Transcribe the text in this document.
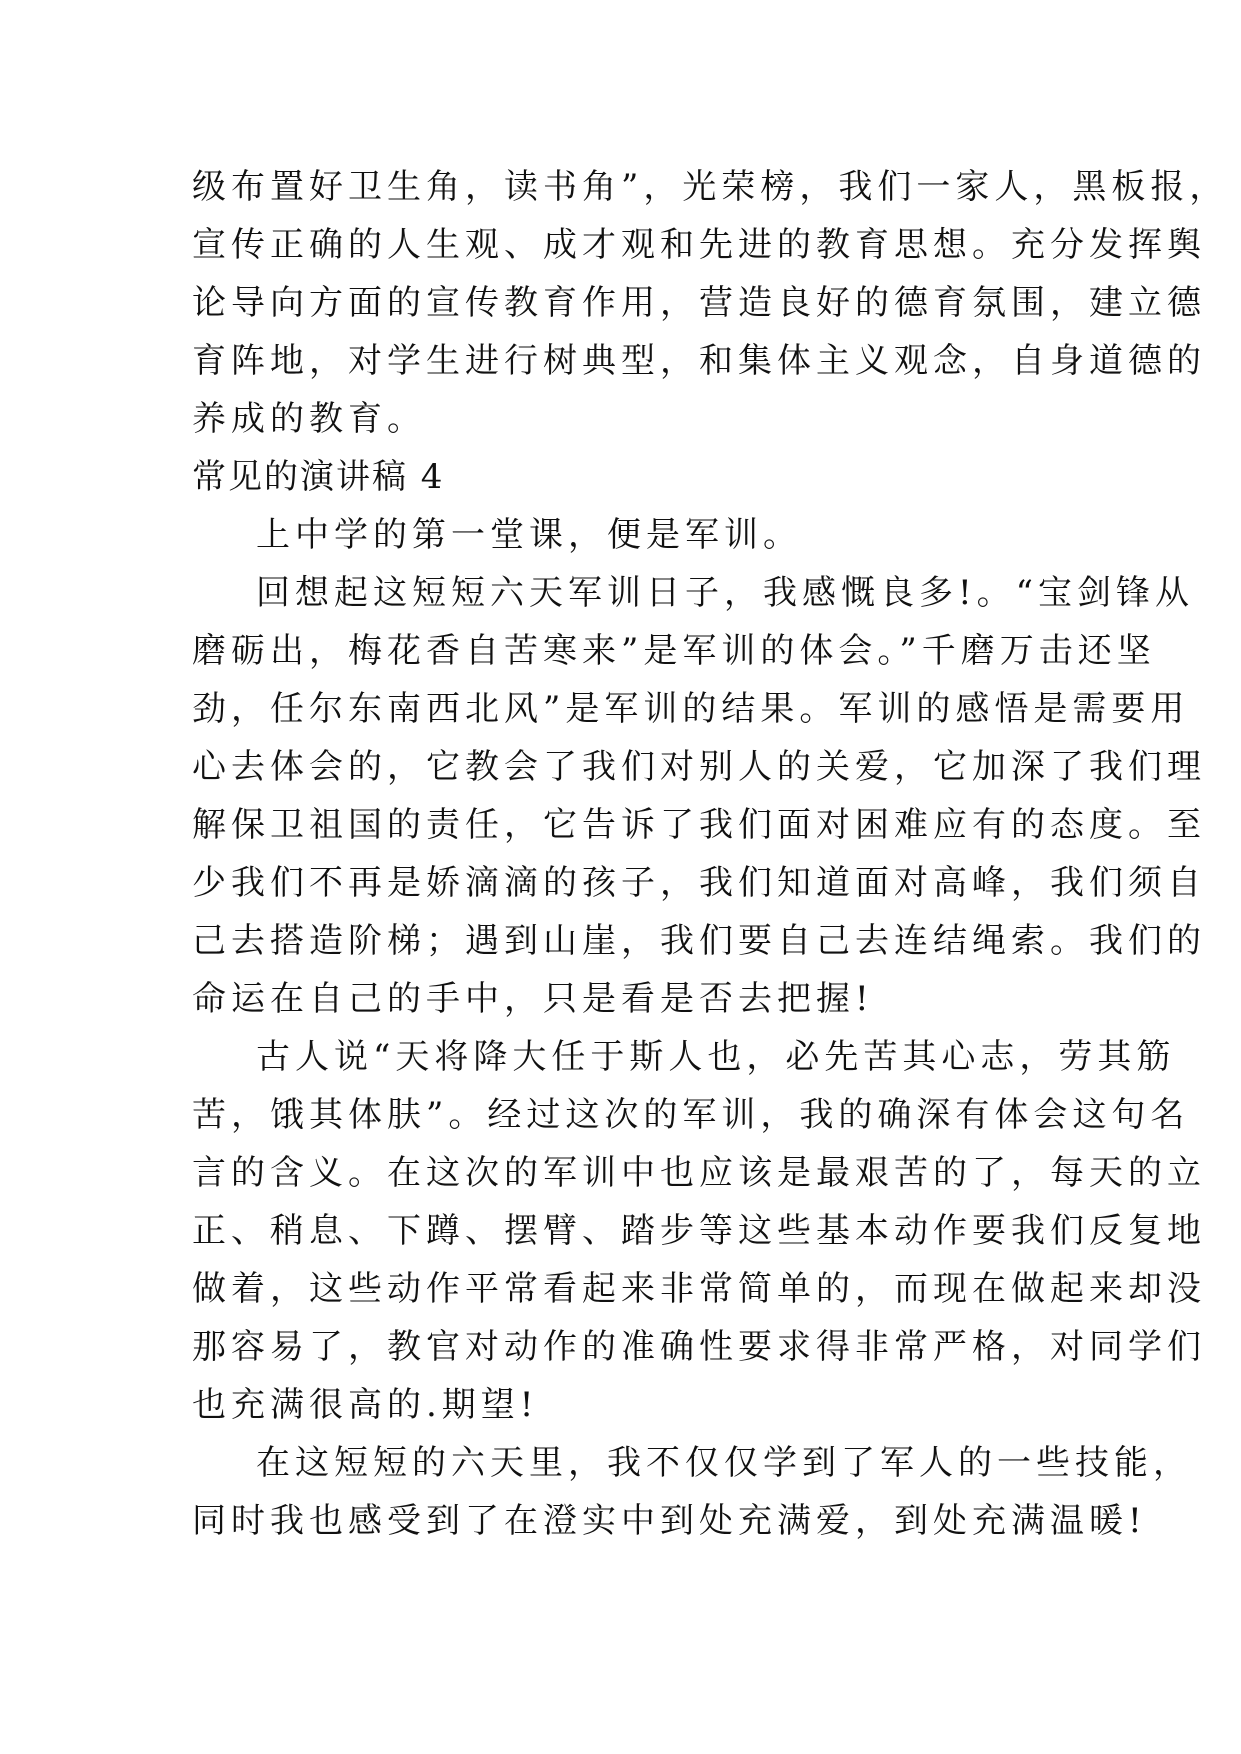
级布置好卫生角，读书角”，光荣榜，我们一家人，黑板报，
宣传正确的人生观、成才观和先进的教育思想。充分发挥舆
论导向方面的宣传教育作用，营造良好的德育氛围，建立德
育阵地，对学生进行树典型，和集体主义观念，自身道德的
养成的教育。
常见的演讲稿 4
上中学的第一堂课，便是军训。
回想起这短短六天军训日子，我感慨良多!。“宝剑锋从
磨砺出，梅花香自苦寒来”是军训的体会。”千磨万击还坚
劲，任尔东南西北风”是军训的结果。军训的感悟是需要用
心去体会的，它教会了我们对别人的关爱，它加深了我们理
解保卫祖国的责任，它告诉了我们面对困难应有的态度。至
少我们不再是娇滴滴的孩子，我们知道面对高峰，我们须自
己去搭造阶梯；遇到山崖，我们要自己去连结绳索。我们的
命运在自己的手中，只是看是否去把握!
古人说“天将降大任于斯人也，必先苦其心志，劳其筋
苦，饿其体肤”。经过这次的军训，我的确深有体会这句名
言的含义。在这次的军训中也应该是最艰苦的了，每天的立
正、稍息、下蹲、摆臂、踏步等这些基本动作要我们反复地
做着，这些动作平常看起来非常简单的，而现在做起来却没
那容易了，教官对动作的准确性要求得非常严格，对同学们
也充满很高的.期望!
在这短短的六天里，我不仅仅学到了军人的一些技能，
同时我也感受到了在澄实中到处充满爱，到处充满温暖!
